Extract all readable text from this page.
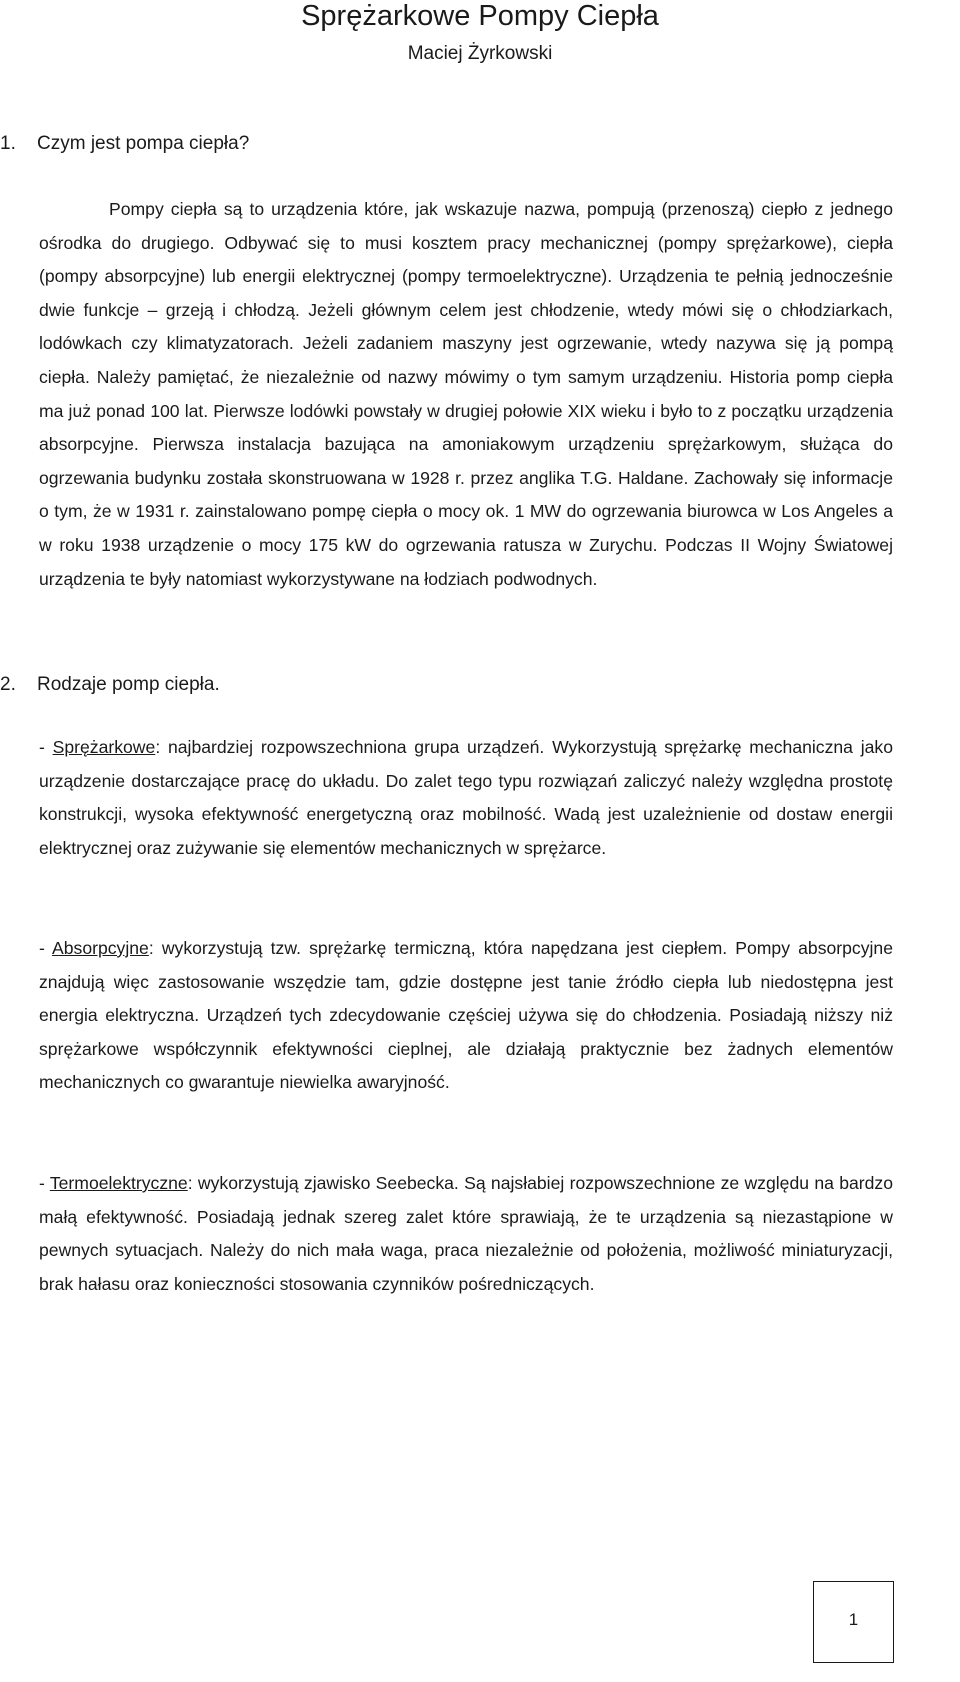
Sprężarkowe Pompy Ciepła
Maciej Żyrkowski
1. Czym jest pompa ciepła?

Pompy ciepła są to urządzenia które, jak wskazuje nazwa, pompują (przenoszą) ciepło z jednego ośrodka do drugiego. Odbywać się to musi kosztem pracy mechanicznej (pompy sprężarkowe), ciepła (pompy absorpcyjne) lub energii elektrycznej (pompy termoelektryczne). Urządzenia te pełnią jednocześnie dwie funkcje – grzeją i chłodzą. Jeżeli głównym celem jest chłodzenie, wtedy mówi się o chłodziarkach, lodówkach czy klimatyzatorach. Jeżeli zadaniem maszyny jest ogrzewanie, wtedy nazywa się ją pompą ciepła. Należy pamiętać, że niezależnie od nazwy mówimy o tym samym urządzeniu. Historia pomp ciepła ma już ponad 100 lat. Pierwsze lodówki powstały w drugiej połowie XIX wieku i było to z początku urządzenia absorpcyjne. Pierwsza instalacja bazująca na amoniakowym urządzeniu sprężarkowym, służąca do ogrzewania budynku została skonstruowana w 1928 r. przez anglika T.G. Haldane. Zachowały się informacje o tym, że w 1931 r. zainstalowano pompę ciepła o mocy ok. 1 MW do ogrzewania biurowca w Los Angeles a w roku 1938 urządzenie o mocy 175 kW do ogrzewania ratusza w Zurychu. Podczas II Wojny Światowej urządzenia te były natomiast wykorzystywane na łodziach podwodnych.

2. Rodzaje pomp ciepła.

- Sprężarkowe: najbardziej rozpowszechniona grupa urządzeń. Wykorzystują sprężarkę mechaniczna jako urządzenie dostarczające pracę do układu. Do zalet tego typu rozwiązań zaliczyć należy względna prostotę konstrukcji, wysoka efektywność energetyczną oraz mobilność. Wadą jest uzależnienie od dostaw energii elektrycznej oraz zużywanie się elementów mechanicznych w sprężarce.

- Absorpcyjne: wykorzystują tzw. sprężarkę termiczną, która napędzana jest ciepłem. Pompy absorpcyjne znajdują więc zastosowanie wszędzie tam, gdzie dostępne jest tanie źródło ciepła lub niedostępna jest energia elektryczna. Urządzeń tych zdecydowanie częściej używa się do chłodzenia. Posiadają niższy niż sprężarkowe współczynnik efektywności cieplnej, ale działają praktycznie bez żadnych elementów mechanicznych co gwarantuje niewielka awaryjność.

- Termoelektryczne: wykorzystują zjawisko Seebecka. Są najsłabiej rozpowszechnione ze względu na bardzo małą efektywność. Posiadają jednak szereg zalet które sprawiają, że te urządzenia są niezastąpione w pewnych sytuacjach. Należy do nich mała waga, praca niezależnie od położenia, możliwość miniaturyzacji, brak hałasu oraz konieczności stosowania czynników pośredniczących.

1
